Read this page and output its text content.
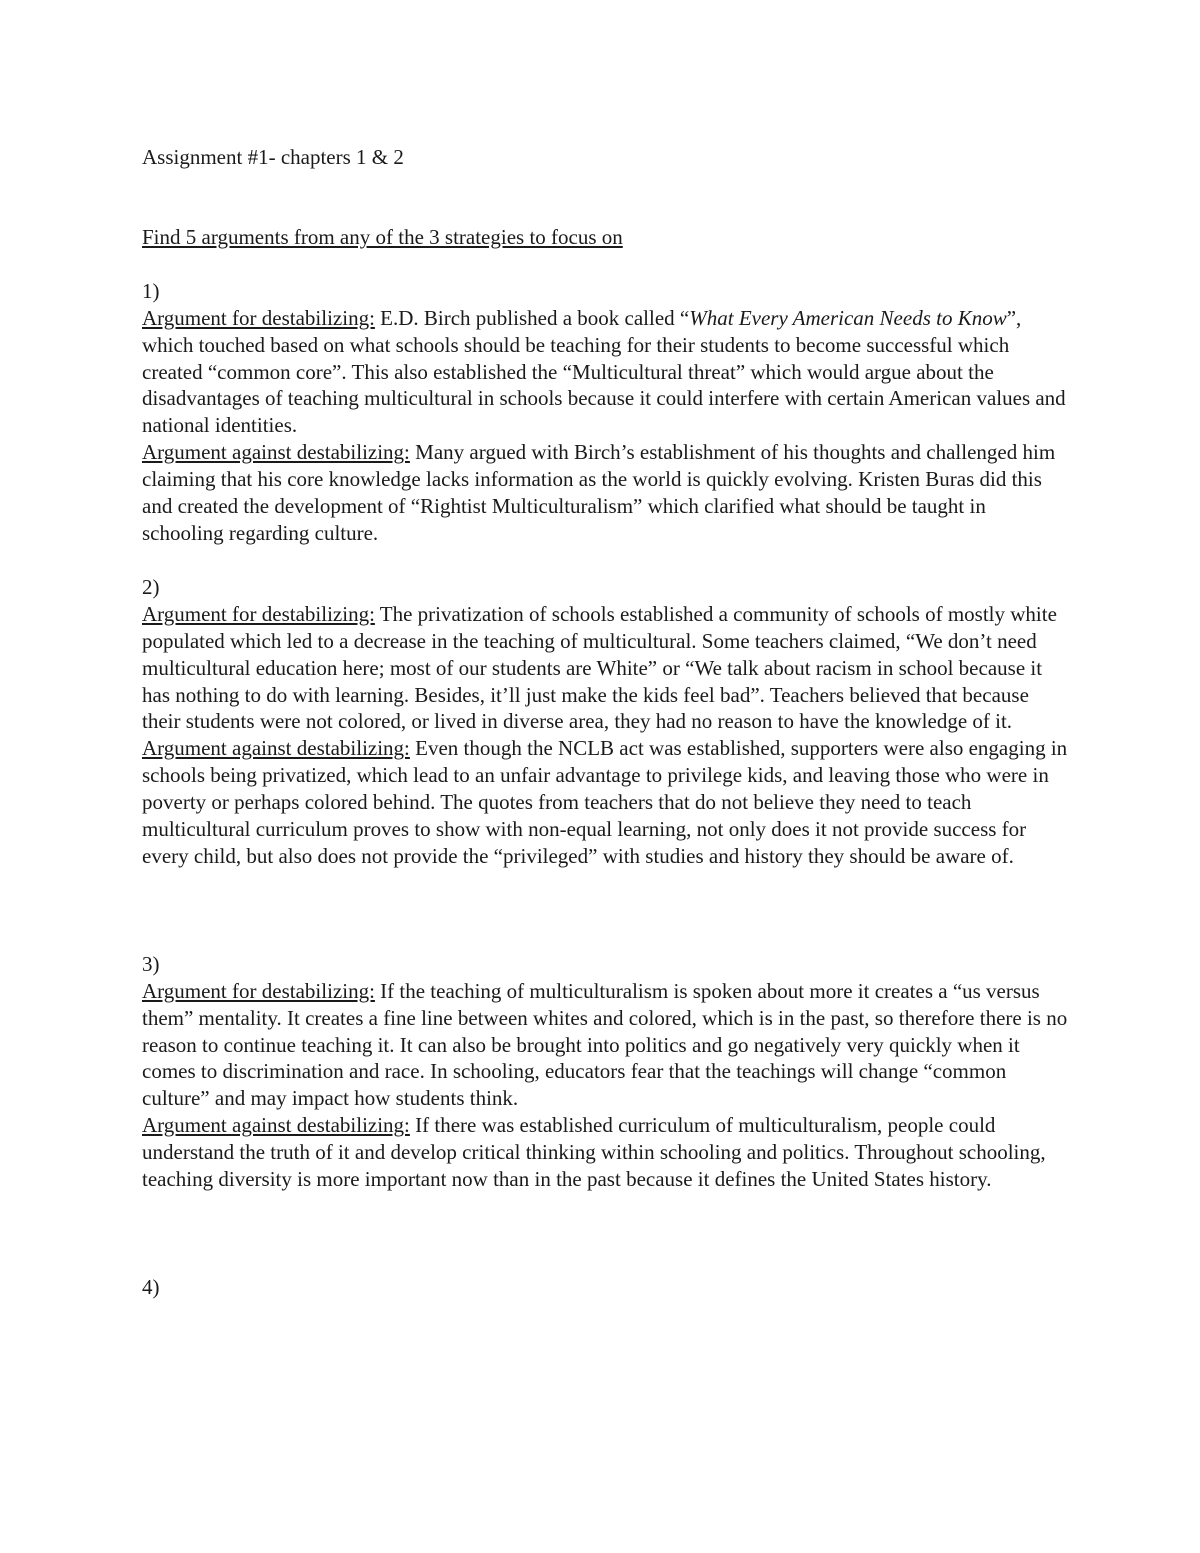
Assignment #1- chapters 1 & 2

Find 5 arguments from any of the 3 strategies to focus on

1)

Argument for destabilizing: E.D. Birch published a book called “What Every American Needs to Know”, which touched based on what schools should be teaching for their students to become successful which created “common core”. This also established the “Multicultural threat” which would argue about the disadvantages of teaching multicultural in schools because it could interfere with certain American values and national identities.

Argument against destabilizing: Many argued with Birch’s establishment of his thoughts and challenged him claiming that his core knowledge lacks information as the world is quickly evolving. Kristen Buras did this and created the development of “Rightist Multiculturalism” which clarified what should be taught in schooling regarding culture.

2)

Argument for destabilizing: The privatization of schools established a community of schools of mostly white populated which led to a decrease in the teaching of multicultural. Some teachers claimed, “We don’t need multicultural education here; most of our students are White” or “We talk about racism in school because it has nothing to do with learning. Besides, it’ll just make the kids feel bad”. Teachers believed that because their students were not colored, or lived in diverse area, they had no reason to have the knowledge of it.

Argument against destabilizing: Even though the NCLB act was established, supporters were also engaging in schools being privatized, which lead to an unfair advantage to privilege kids, and leaving those who were in poverty or perhaps colored behind. The quotes from teachers that do not believe they need to teach multicultural curriculum proves to show with non-equal learning, not only does it not provide success for every child, but also does not provide the “privileged” with studies and history they should be aware of.

3)

Argument for destabilizing: If the teaching of multiculturalism is spoken about more it creates a “us versus them” mentality. It creates a fine line between whites and colored, which is in the past, so therefore there is no reason to continue teaching it. It can also be brought into politics and go negatively very quickly when it comes to discrimination and race. In schooling, educators fear that the teachings will change “common culture” and may impact how students think.

Argument against destabilizing: If there was established curriculum of multiculturalism, people could understand the truth of it and develop critical thinking within schooling and politics. Throughout schooling, teaching diversity is more important now than in the past because it defines the United States history.

4)
